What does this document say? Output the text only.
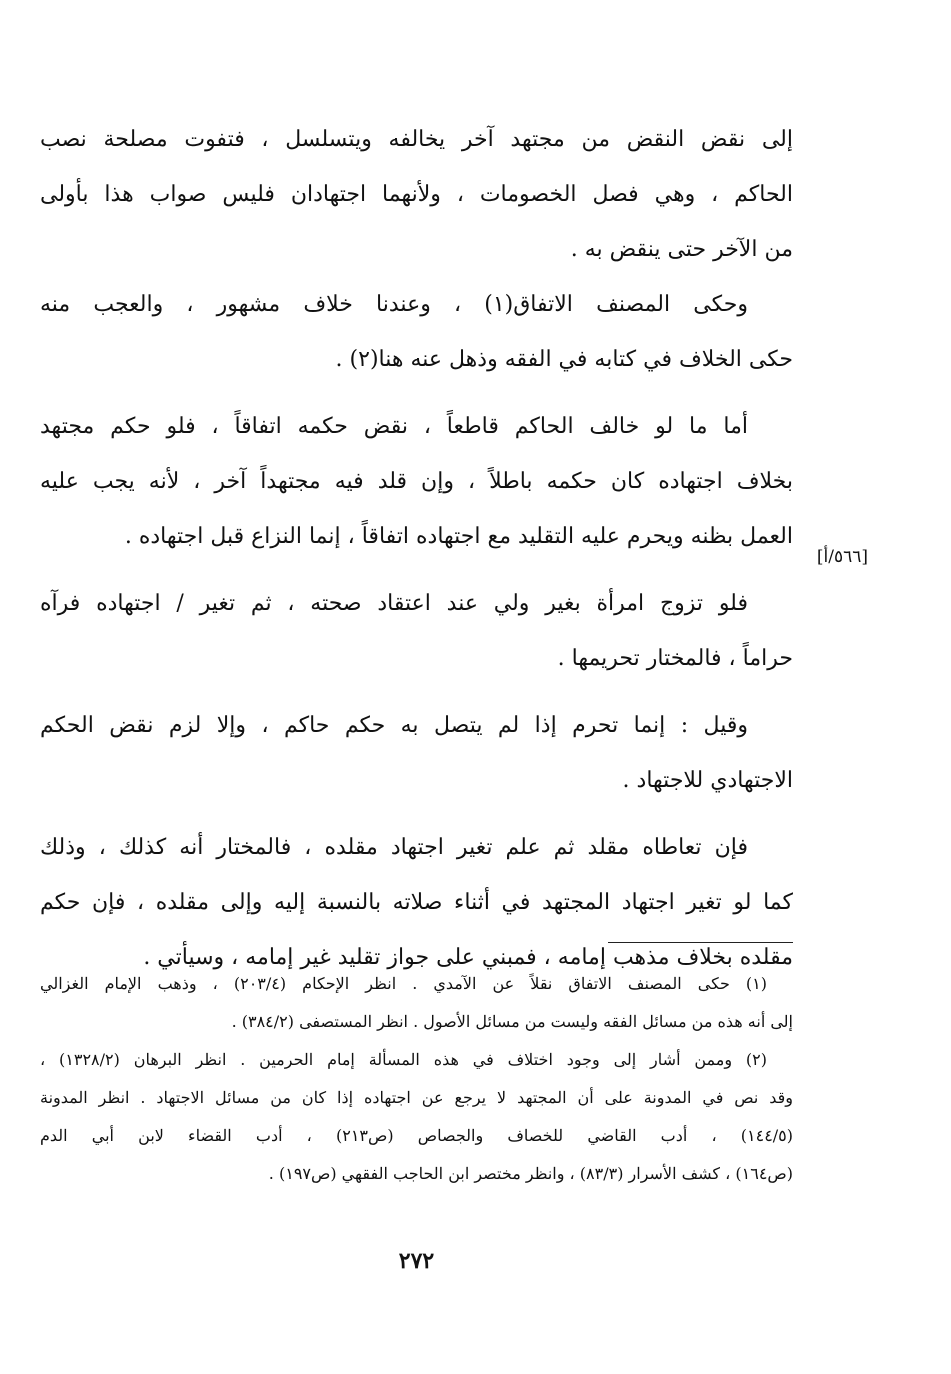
إلى نقض النقض من مجتهد آخر يخالفه ويتسلسل ، فتفوت مصلحة نصب
الحاكم ، وهي فصل الخصومات ، ولأنهما اجتهادان فليس صواب هذا بأولى
من الآخر حتى ينقض به .
وحكى المصنف الاتفاق(١) ، وعندنا خلاف مشهور ، والعجب منه
حكى الخلاف في كتابه في الفقه وذهل عنه هنا(٢) .
أما ما لو خالف الحاكم قاطعاً ، نقض حكمه اتفاقاً ، فلو حكم مجتهد
بخلاف اجتهاده كان حكمه باطلاً ، وإن قلد فيه مجتهداً آخر ، لأنه يجب عليه
العمل بظنه ويحرم عليه التقليد مع اجتهاده اتفاقاً ، إنما النزاع قبل اجتهاده .
فلو تزوج امرأة بغير ولي عند اعتقاد صحته ، ثم تغير / اجتهاده فرآه
حراماً ، فالمختار تحريمها .
وقيل : إنما تحرم إذا لم يتصل به حكم حاكم ، وإلا لزم نقض الحكم
الاجتهادي للاجتهاد .
فإن تعاطاه مقلد ثم علم تغير اجتهاد مقلده ، فالمختار أنه كذلك ، وذلك
كما لو تغير اجتهاد المجتهد في أثناء صلاته بالنسبة إليه وإلى مقلده ، فإن حكم
مقلده بخلاف مذهب إمامه ، فمبني على جواز تقليد غير إمامه ، وسيأتي .
[٥٦٦/أ]
(١) حكى المصنف الاتفاق نقلاً عن الآمدي . انظر الإحكام (٢٠٣/٤) ، وذهب الإمام الغزالي
إلى أنه هذه من مسائل الفقه وليست من مسائل الأصول . انظر المستصفى (٣٨٤/٢) .
(٢) وممن أشار إلى وجود اختلاف في هذه المسألة إمام الحرمين . انظر البرهان (١٣٢٨/٢) ،
وقد نص في المدونة على أن المجتهد لا يرجع عن اجتهاده إذا كان من مسائل الاجتهاد . انظر المدونة
(١٤٤/٥) ، أدب القاضي للخصاف والجصاص (ص٢١٣) ، أدب القضاء لابن أبي الدم
(ص١٦٤) ، كشف الأسرار (٨٣/٣) ، وانظر مختصر ابن الحاجب الفقهي (ص١٩٧) .
٢٧٢
